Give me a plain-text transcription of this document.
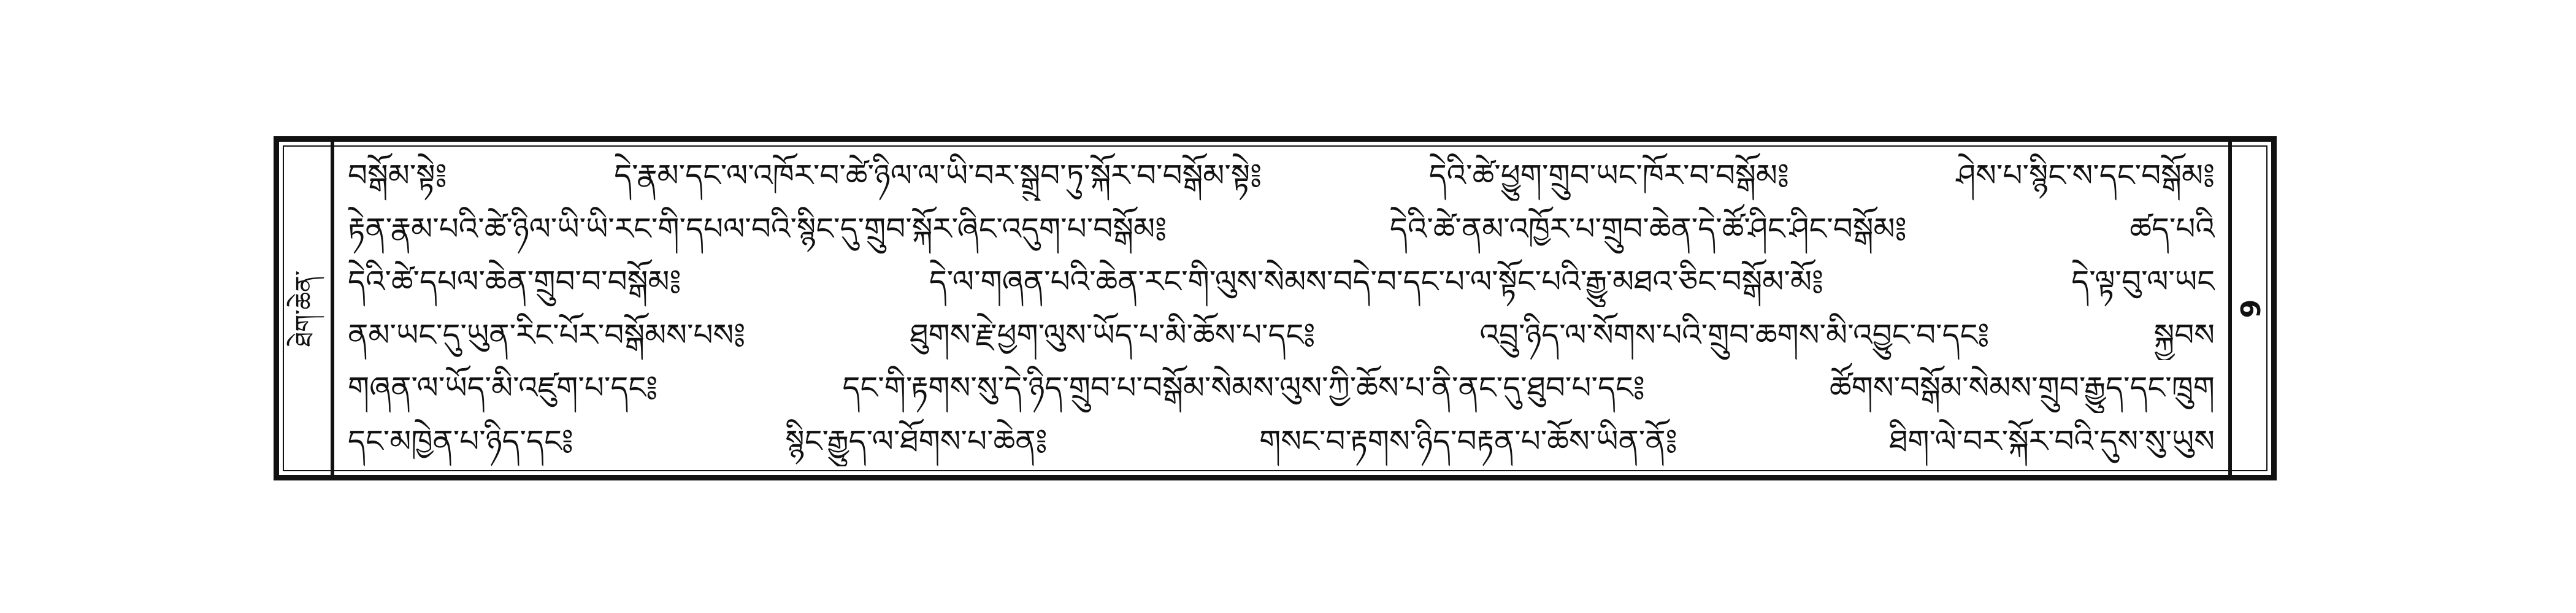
ཐེག་ཆེན་
བསྒོམ་སྟེ༔ དེ་རྣམ་དང་ལ་འཁོར་བ་ཚེ་ཉིལ་ལ་ཡི་བར་སྒྲུབ་ཏུ་སྐོར་བ་བསྒོམ་སྟེ༔ དེའི་ཚེ་ཕྱུག་གྲུབ་ཡང་ཁོར་བ་བསྒོམ༔ ཤེས་པ་སྙིང་ས་དང་བསྒོམ༔
རྟེན་རྣམ་པའི་ཚེ་ཉིལ་ཡི་ཡི་རང་གི་དཔལ་བའི་སྙིང་དུ་གྲུབ་སྐོར་ཞིང་འདུག་པ་བསྒོམ༔ དེའི་ཚེ་ནམ་འཁྱོར་པ་གྲུབ་ཆེན་དེ་ཚོ་ཤིང་ཤིང་བསྒོམ༔ ཚད་པའི
དེའི་ཚེ་དཔལ་ཆེན་གྲུབ་བ་བསྒོམ༔ དེ་ལ་གཞན་པའི་ཆེན་རང་གི་ལུས་སེམས་བདེ་བ་དང་པ་ལ་སྟོང་པའི་རྒྱུ་མཐའ་ཅིང་བསྒོམ་མོ༔ དེ་ལྟ་བུ་ལ་ཡང
ནམ་ཡང་དུ་ཡུན་རིང་པོར་བསྒོམས་པས༔ ཐུགས་རྗེ་ཕྱག་ལུས་ཡོད་པ་མི་ཆོས་པ་དང༔ འབྲུ་ཉིད་ལ་སོགས་པའི་གྲུབ་ཆགས་མི་འབྱུང་བ་དང༔ སྐྱབས
གཞན་ལ་ཡོད་མི་འཛུག་པ་དང༔ དང་གི་རྟགས་སུ་དེ་ཉིད་གྲུབ་པ་བསྒོམ་སེམས་ལུས་ཀྱི་ཆོས་པ་ནི་ནང་དུ་ཐུབ་པ་དང༔ ཚོགས་བསྒོམ་སེམས་གྲུབ་རྒྱུད་དང་ཁྲུག
དང་མཁྱེན་པ་ཉིད་དང༔ སྙིང་རྒྱུད་ལ་ཐོགས་པ་ཆེན༔ གསང་བ་རྟགས་ཉིད་བརྟན་པ་ཆོས་ཡིན་ནོ༔ ཐིག་ལེ་བར་སྐོར་བའི་དུས་སུ་ཡུས
9
